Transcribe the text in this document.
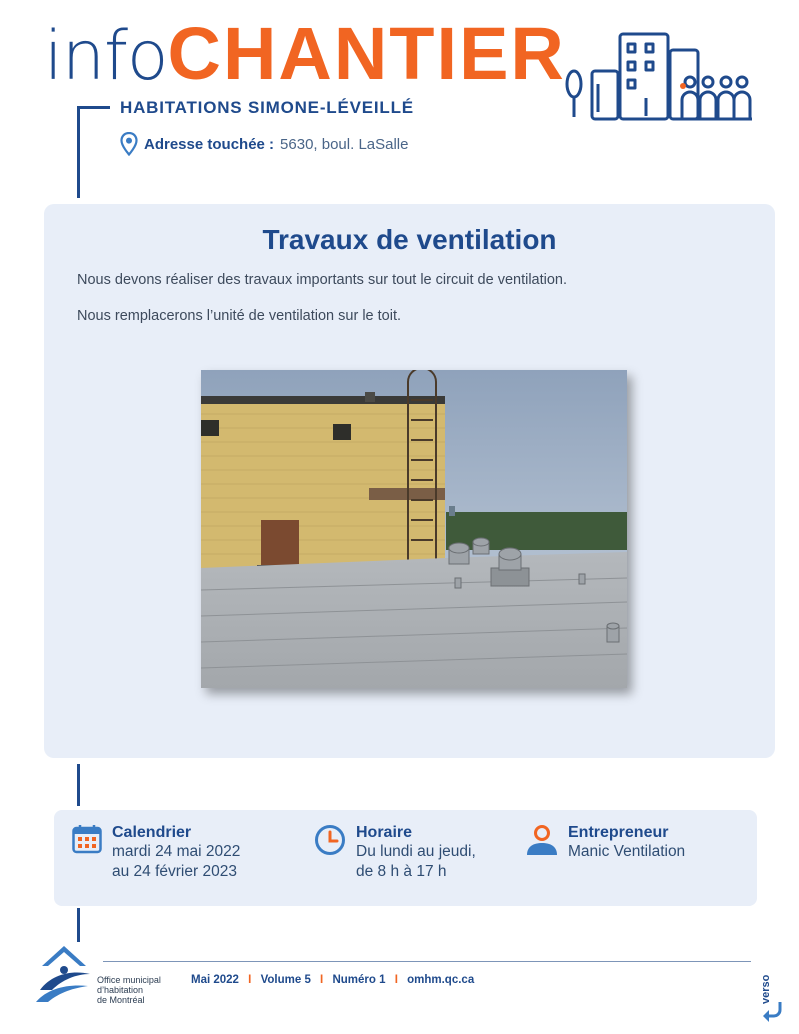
infoCHANTIER
HABITATIONS SIMONE-LÉVEILLÉ
Adresse touchée : 5630, boul. LaSalle
Travaux de ventilation

Nous devons réaliser des travaux importants sur tout le circuit de ventilation.

Nous remplacerons l’unité de ventilation sur le toit.

Calendrier
mardi 24 mai 2022
au 24 février 2023
Horaire
Du lundi au jeudi,
de 8 h à 17 h
Entrepreneur
Manic Ventilation
Office municipal
d’habitation
de Montréal
Mai 2022 I Volume 5 I Numéro 1 I omhm.qc.ca	verso
